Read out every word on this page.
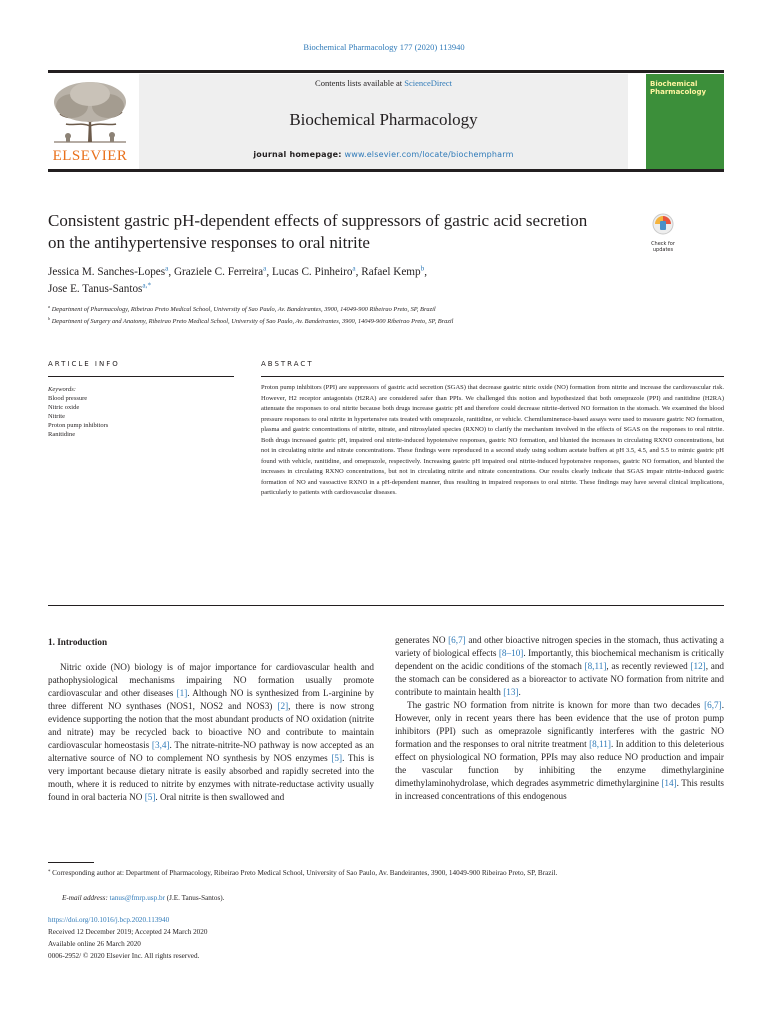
Biochemical Pharmacology 177 (2020) 113940
ELSEVIER
Contents lists available at ScienceDirect
Biochemical Pharmacology
journal homepage: www.elsevier.com/locate/biochempharm
Biochemical Pharmacology
Consistent gastric pH-dependent effects of suppressors of gastric acid secretion on the antihypertensive responses to oral nitrite	Check for updates
Jessica M. Sanches-Lopes$^a$, Graziele C. Ferreira$^a$, Lucas C. Pinheiro$^a$, Rafael Kemp$^b$,
Jose E. Tanus-Santos$^{a,*}$
$^a$ Department of Pharmacology, Ribeirao Preto Medical School, University of Sao Paulo, Av. Bandeirantes, 3900, 14049-900 Ribeirao Preto, SP, Brazil
$^b$ Department of Surgery and Anatomy, Ribeirao Preto Medical School, University of Sao Paulo, Av. Bandeirantes, 3900, 14049-900 Ribeirao Preto, SP, Brazil
ARTICLE INFO	ABSTRACT
Keywords:
Blood pressure
Nitric oxide
Nitrite
Proton pump inhibitors
Ranitidine
Proton pump inhibitors (PPI) are suppressors of gastric acid secretion (SGAS) that decrease gastric nitric oxide (NO) formation from nitrite and increase the cardiovascular risk. However, H2 receptor antagonists (H2RA) are considered safer than PPIs. We challenged this notion and hypothesized that both omeprazole (PPI) and ranitidine (H2RA) attenuate the responses to oral nitrite because both drugs increase gastric pH and therefore could decrease nitrite-derived NO formation in the stomach. We examined the blood pressure responses to oral nitrite in hypertensive rats treated with omeprazole, ranitidine, or vehicle. Chemiluminensce-based assays were used to measure gastric NO formation, plasma and gastric concentrations of nitrite, nitrate, and nitrosylated species (RXNO) to clarify the mechanism involved in the effects of SGAS on the responses to oral nitrite. Both drugs increased gastric pH, impaired oral nitrite-induced hypotensive responses, gastric NO formation, and blunted the increases in circulating RXNO concentrations, but not in circulating nitrite and nitrate concentrations. These findings were reproduced in a second study using sodium acetate buffers at pH 3.5, 4.5, and 5.5 to mimic gastric pH found with vehicle, ranitidine, and omeprazole, respectively. Increasing gastric pH impaired oral nitrite-induced hypotensive responses, gastric NO formation, and blunted the increases in circulating RXNO concentrations, but not in circulating nitrite and nitrate concentrations. Our results clearly indicate that SGAS impair nitrite-induced gastric formation of NO and vasoactive RXNO in a pH-dependent manner, thus resulting in impaired responses to oral nitrite. These findings may have several clinical implications, particularly to patients with cardiovascular diseases.
1. Introduction

Nitric oxide (NO) biology is of major importance for cardiovascular health and pathophysiological mechanisms impairing NO formation usually promote cardiovascular and other diseases [1]. Although NO is synthesized from L-arginine by three different NO synthases (NOS1, NOS2 and NOS3) [2], there is now strong evidence supporting the notion that the most abundant products of NO oxidation (nitrite and nitrate) may be recycled back to bioactive NO and contribute to maintain cardiovascular homeostasis [3,4]. The nitrate-nitrite-NO pathway is now accepted as an alternative source of NO to complement NO synthesis by NOS enzymes [5]. This is very important because dietary nitrate is easily absorbed and rapidly secreted into the mouth, where it is reduced to nitrite by enzymes with nitrate-reductase activity usually found in oral bacteria NO [5]. Oral nitrite is then swallowed and

generates NO [6,7] and other bioactive nitrogen species in the stomach, thus activating a variety of biological effects [8–10]. Importantly, this biochemical mechanism is critically dependent on the acidic conditions of the stomach [8,11], as recently reviewed [12], and the stomach can be considered as a bioreactor to activate NO formation from nitrite and contribute to maintain health [13].

The gastric NO formation from nitrite is known for more than two decades [6,7]. However, only in recent years there has been evidence that the use of proton pump inhibitors (PPI) such as omeprazole significantly interferes with the gastric NO formation and the responses to oral nitrite treatment [8,11]. In addition to this deleterious effect on physiological NO formation, PPIs may also reduce NO production and impair the vascular function by inhibiting the enzyme dimethylarginine dimethylaminohydrolase, which degrades asymmetric dimethylarginine [14]. This results in increased concentrations of this endogenous

⁎ Corresponding author at: Department of Pharmacology, Ribeirao Preto Medical School, University of Sao Paulo, Av. Bandeirantes, 3900, 14049-900 Ribeirao Preto, SP, Brazil.
E-mail address: tanus@fmrp.usp.br (J.E. Tanus-Santos).
https://doi.org/10.1016/j.bcp.2020.113940
Received 12 December 2019; Accepted 24 March 2020
Available online 26 March 2020
0006-2952/ © 2020 Elsevier Inc. All rights reserved.
